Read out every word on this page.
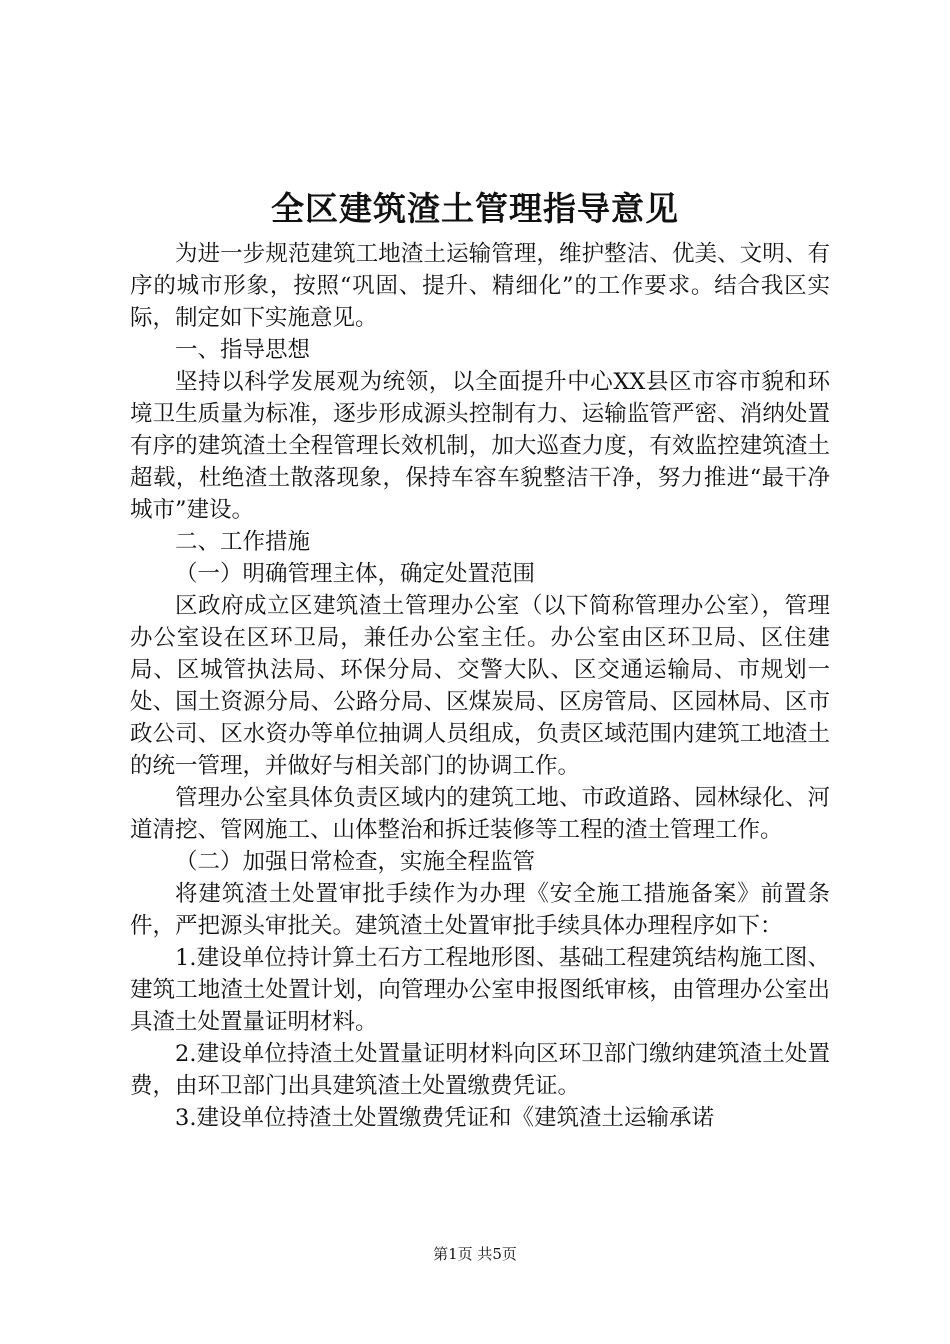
全区建筑渣土管理指导意见

为进一步规范建筑工地渣土运输管理，维护整洁、优美、文明、有序的城市形象，按照“巩固、提升、精细化”的工作要求。结合我区实际，制定如下实施意见。

一、指导思想

坚持以科学发展观为统领，以全面提升中心XX县区市容市貌和环境卫生质量为标准，逐步形成源头控制有力、运输监管严密、消纳处置有序的建筑渣土全程管理长效机制，加大巡查力度，有效监控建筑渣土超载，杜绝渣土散落现象，保持车容车貌整洁干净，努力推进“最干净城市”建设。

二、工作措施

（一）明确管理主体，确定处置范围

区政府成立区建筑渣土管理办公室（以下简称管理办公室），管理办公室设在区环卫局，兼任办公室主任。办公室由区环卫局、区住建局、区城管执法局、环保分局、交警大队、区交通运输局、市规划一处、国土资源分局、公路分局、区煤炭局、区房管局、区园林局、区市政公司、区水资办等单位抽调人员组成，负责区域范围内建筑工地渣土的统一管理，并做好与相关部门的协调工作。

管理办公室具体负责区域内的建筑工地、市政道路、园林绿化、河道清挖、管网施工、山体整治和拆迁装修等工程的渣土管理工作。

（二）加强日常检查，实施全程监管

将建筑渣土处置审批手续作为办理《安全施工措施备案》前置条件，严把源头审批关。建筑渣土处置审批手续具体办理程序如下：

1.建设单位持计算土石方工程地形图、基础工程建筑结构施工图、建筑工地渣土处置计划，向管理办公室申报图纸审核，由管理办公室出具渣土处置量证明材料。

2.建设单位持渣土处置量证明材料向区环卫部门缴纳建筑渣土处置费，由环卫部门出具建筑渣土处置缴费凭证。

3.建设单位持渣土处置缴费凭证和《建筑渣土运输承诺

第1页 共5页
